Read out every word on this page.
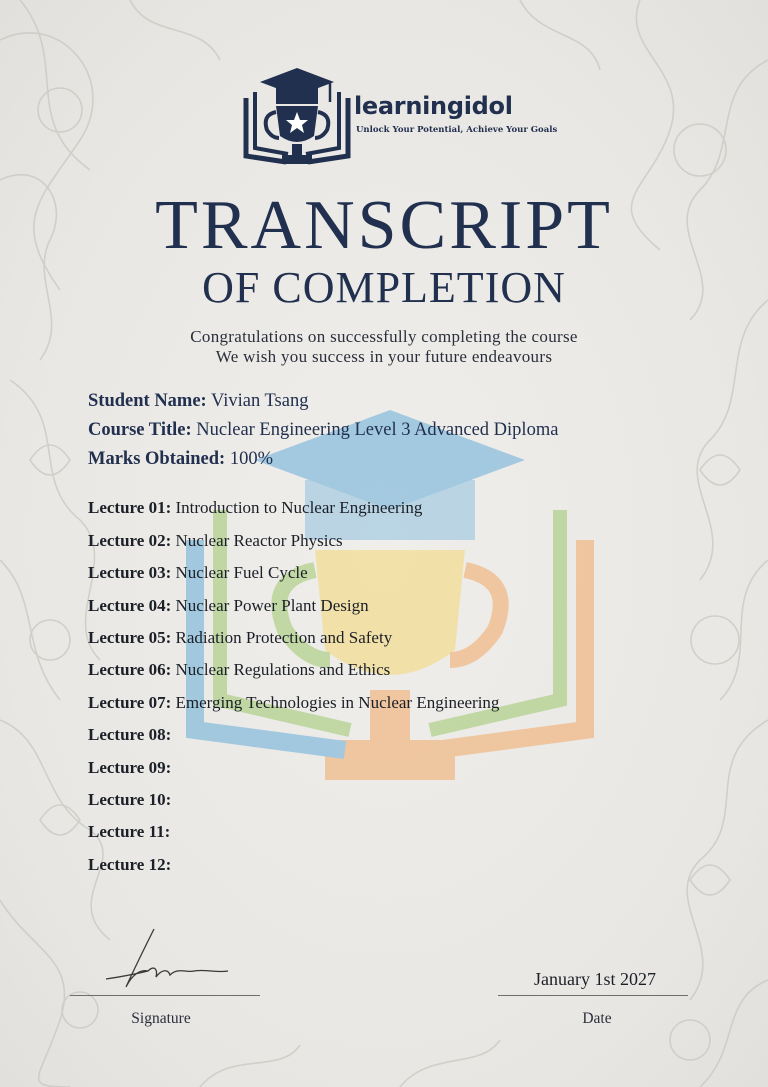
learningidol
Unlock Your Potential, Achieve Your Goals
TRANSCRIPT
OF COMPLETION
Congratulations on successfully completing the course
We wish you success in your future endeavours
Student Name: Vivian Tsang
Course Title: Nuclear Engineering Level 3 Advanced Diploma
Marks Obtained: 100%
Lecture 01: Introduction to Nuclear Engineering
Lecture 02: Nuclear Reactor Physics
Lecture 03: Nuclear Fuel Cycle
Lecture 04: Nuclear Power Plant Design
Lecture 05: Radiation Protection and Safety
Lecture 06: Nuclear Regulations and Ethics
Lecture 07: Emerging Technologies in Nuclear Engineering
Lecture 08:
Lecture 09:
Lecture 10:
Lecture 11:
Lecture 12:
Signature
January 1st 2027
Date
